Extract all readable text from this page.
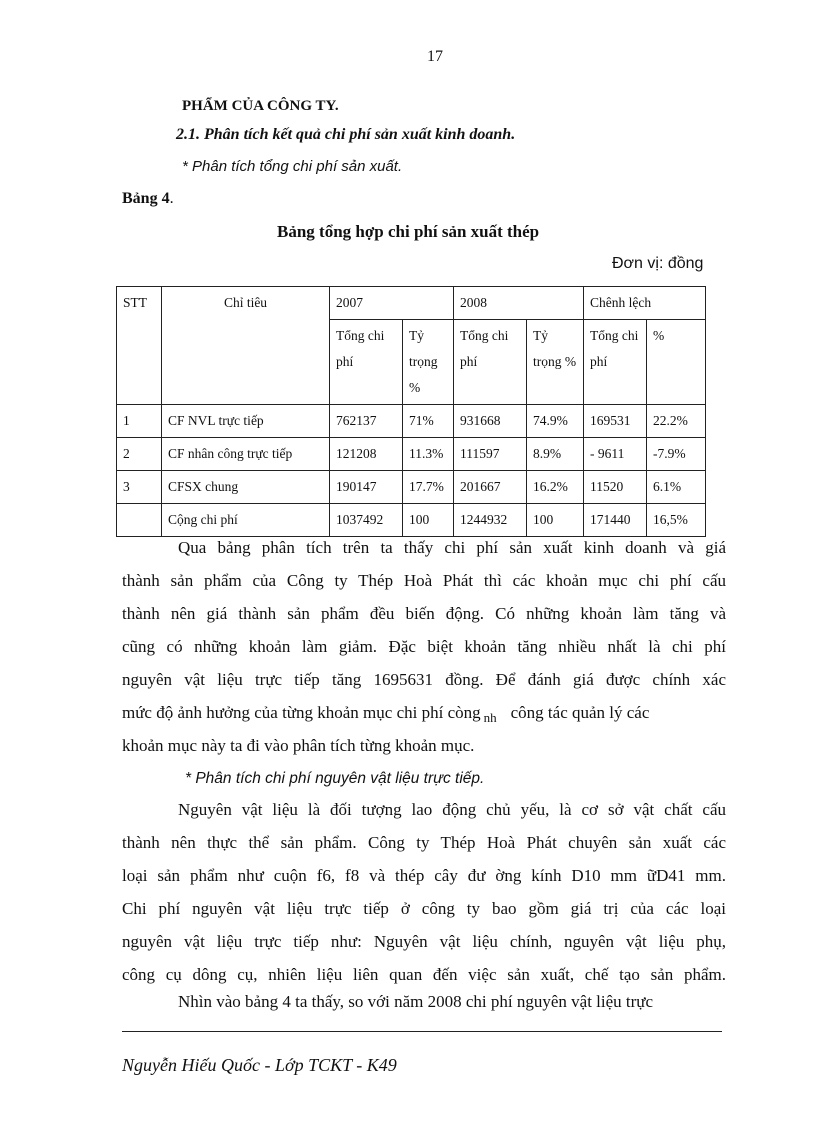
17
PHẨM CỦA CÔNG TY.
2.1. Phân tích kết quả chi phí sản xuất kinh doanh.
* Phân tích tổng chi phí sản xuất.
Bảng 4.
Bảng tổng hợp chi phí sản xuất thép
Đơn vị: đồng
STT	Chỉ tiêu	2007		2008		Chênh lệch	
		Tổng chi phí	Tỷ trọng %	Tổng chi phí	Tỷ trọng %	Tổng chi phí	%
1	CF NVL trực tiếp	762137	71%	931668	74.9%	169531	22.2%
2	CF nhân công trực tiếp	121208	11.3%	111597	8.9%	- 9611	-7.9%
3	CFSX chung	190147	17.7%	201667	16.2%	11520	6.1%
	Cộng chi phí	1037492	100	1244932	100	171440	16,5%
Qua bảng phân tích trên ta thấy chi phí sản xuất kinh doanh và giá
thành sản phẩm của Công ty Thép Hoà Phát thì các khoản mục chi phí cấu
thành nên giá thành sản phẩm đều biến động. Có những khoản làm tăng và
cũng có những khoản làm giảm. Đặc biệt khoản tăng nhiều nhất là chi phí
nguyên vật liệu trực tiếp tăng 1695631 đồng. Để đánh giá được chính xác
mức độ ảnh hưởng của từng khoản mục chi phí còng $_{nh}$ công tác quản lý các
khoản mục này ta đi vào phân tích từng khoản mục.
* Phân tích chi phí nguyên vật liệu trực tiếp.
Nguyên vật liệu là đối tượng lao động chủ yếu, là cơ sở vật chất cấu
thành nên thực thể sản phẩm. Công ty Thép Hoà Phát chuyên sản xuất các
loại sản phẩm như cuộn f6, f8 và thép cây đư ờng kính D10 mm ữD41 mm.
Chi phí nguyên vật liệu trực tiếp ở công ty bao gồm giá trị của các loại
nguyên vật liệu trực tiếp như: Nguyên vật liệu chính, nguyên vật liệu phụ,
công cụ dông cụ, nhiên liệu liên quan đến việc sản xuất, chế tạo sản phẩm.
Nhìn vào bảng 4 ta thấy, so với năm 2008 chi phí nguyên vật liệu trực
Nguyễn Hiếu Quốc - Lớp TCKT - K49
